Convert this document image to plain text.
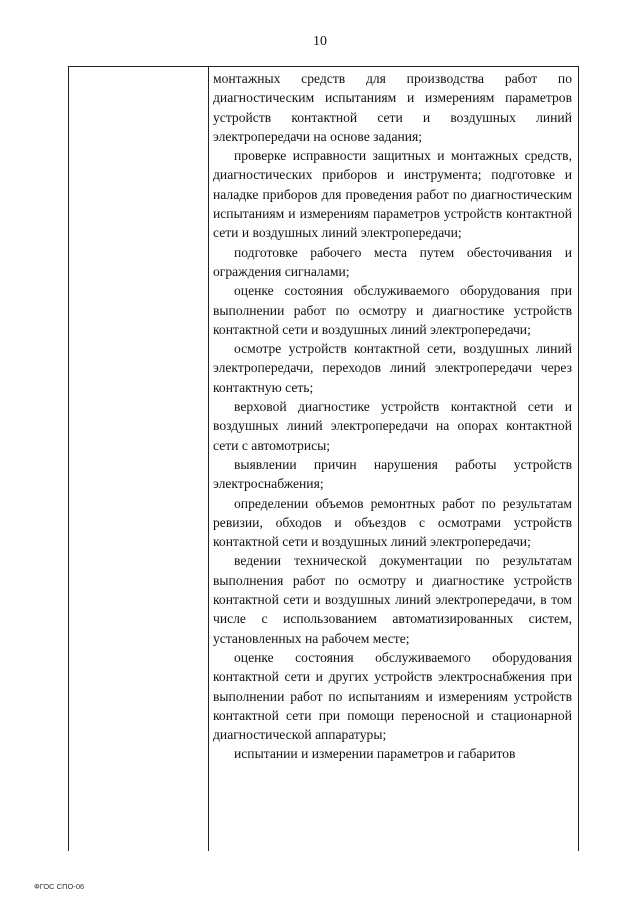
10

монтажных средств для производства работ по диагностическим испытаниям и измерениям параметров устройств контактной сети и воздушных линий электропередачи на основе задания;

проверке исправности защитных и монтажных средств, диагностических приборов и инструмента; подготовке и наладке приборов для проведения работ по диагностическим испытаниям и измерениям параметров устройств контактной сети и воздушных линий электропередачи;

подготовке рабочего места путем обесточивания и ограждения сигналами;

оценке состояния обслуживаемого оборудования при выполнении работ по осмотру и диагностике устройств контактной сети и воздушных линий электропередачи;

осмотре устройств контактной сети, воздушных линий электропередачи, переходов линий электропередачи через контактную сеть;

верховой диагностике устройств контактной сети и воздушных линий электропередачи на опорах контактной сети с автомотрисы;

выявлении причин нарушения работы устройств электроснабжения;

определении объемов ремонтных работ по результатам ревизии, обходов и объездов с осмотрами устройств контактной сети и воздушных линий электропередачи;

ведении технической документации по результатам выполнения работ по осмотру и диагностике устройств контактной сети и воздушных линий электропередачи, в том числе с использованием автоматизированных систем, установленных на рабочем месте;

оценке состояния обслуживаемого оборудования контактной сети и других устройств электроснабжения при выполнении работ по испытаниям и измерениям устройств контактной сети при помощи переносной и стационарной диагностической аппаратуры;

испытании и измерении параметров и габаритов

ФГОС СПО-06
